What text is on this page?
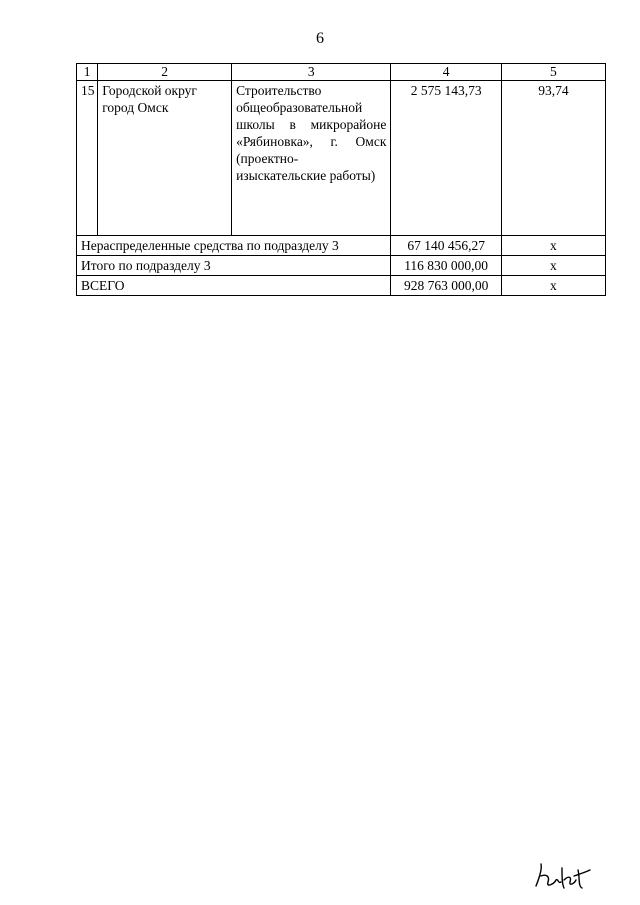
6
1	2	3	4	5
15	Городской округ город Омск	Строительство общеобразовательной школы в микрорайоне «Рябиновка», г. Омск (проектно-изыскательские работы)	2 575 143,73	93,74
Нераспределенные средства по подразделу 3			67 140 456,27	x
Итого по подразделу 3			116 830 000,00	x
ВСЕГО			928 763 000,00	x
